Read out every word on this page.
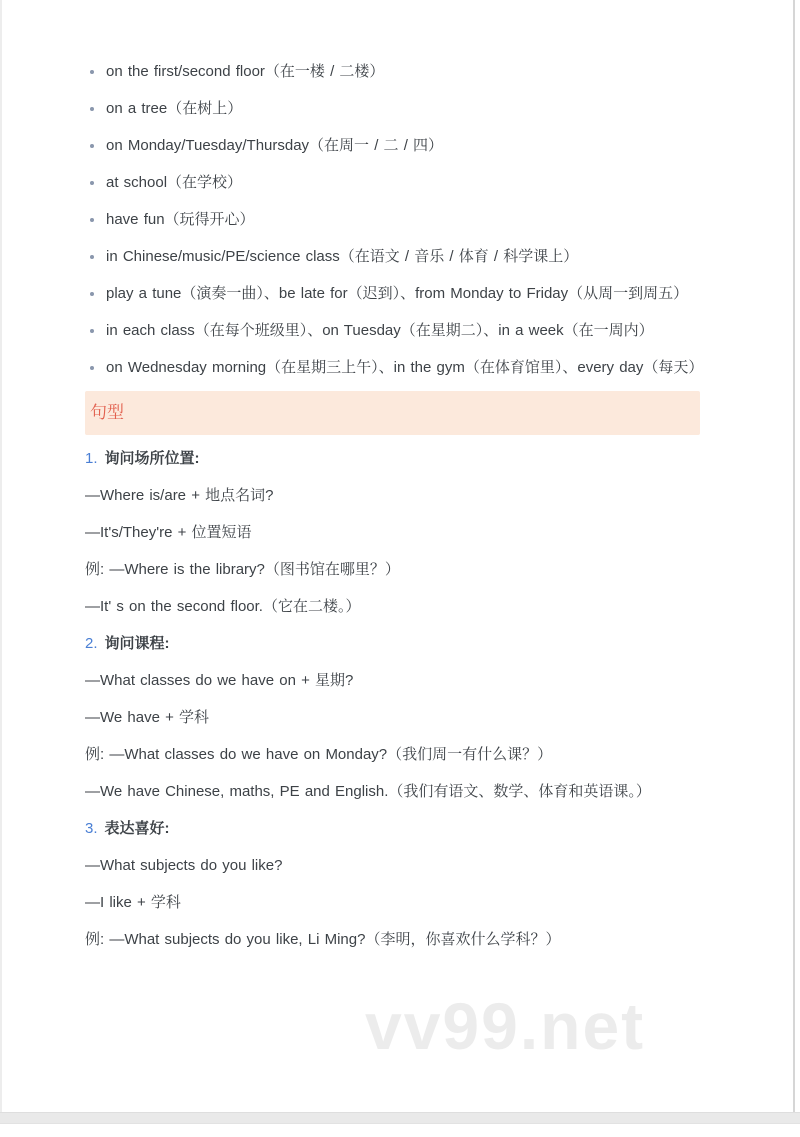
on the first/second floor（在一楼 / 二楼）
on a tree（在树上）
on Monday/Tuesday/Thursday（在周一 / 二 / 四）
at school（在学校）
have fun（玩得开心）
in Chinese/music/PE/science class（在语文 / 音乐 / 体育 / 科学课上）
play a tune（演奏一曲）、be late for（迟到）、from Monday to Friday（从周一到周五）
in each class（在每个班级里）、on Tuesday（在星期二）、in a week（在一周内）
on Wednesday morning（在星期三上午）、in the gym（在体育馆里）、every day（每天）
句型

1. 询问场所位置:

—Where is/are + 地点名词?

—It's/They're + 位置短语

例: —Where is the library?（图书馆在哪里？）

—It' s on the second floor.（它在二楼。）

2. 询问课程:

—What classes do we have on + 星期?

—We have + 学科

例: —What classes do we have on Monday?（我们周一有什么课？）

—We have Chinese, maths, PE and English.（我们有语文、数学、体育和英语课。）

3. 表达喜好:

—What subjects do you like?

—I like + 学科

例: —What subjects do you like, Li Ming?（李明，你喜欢什么学科？）

vv99.net
